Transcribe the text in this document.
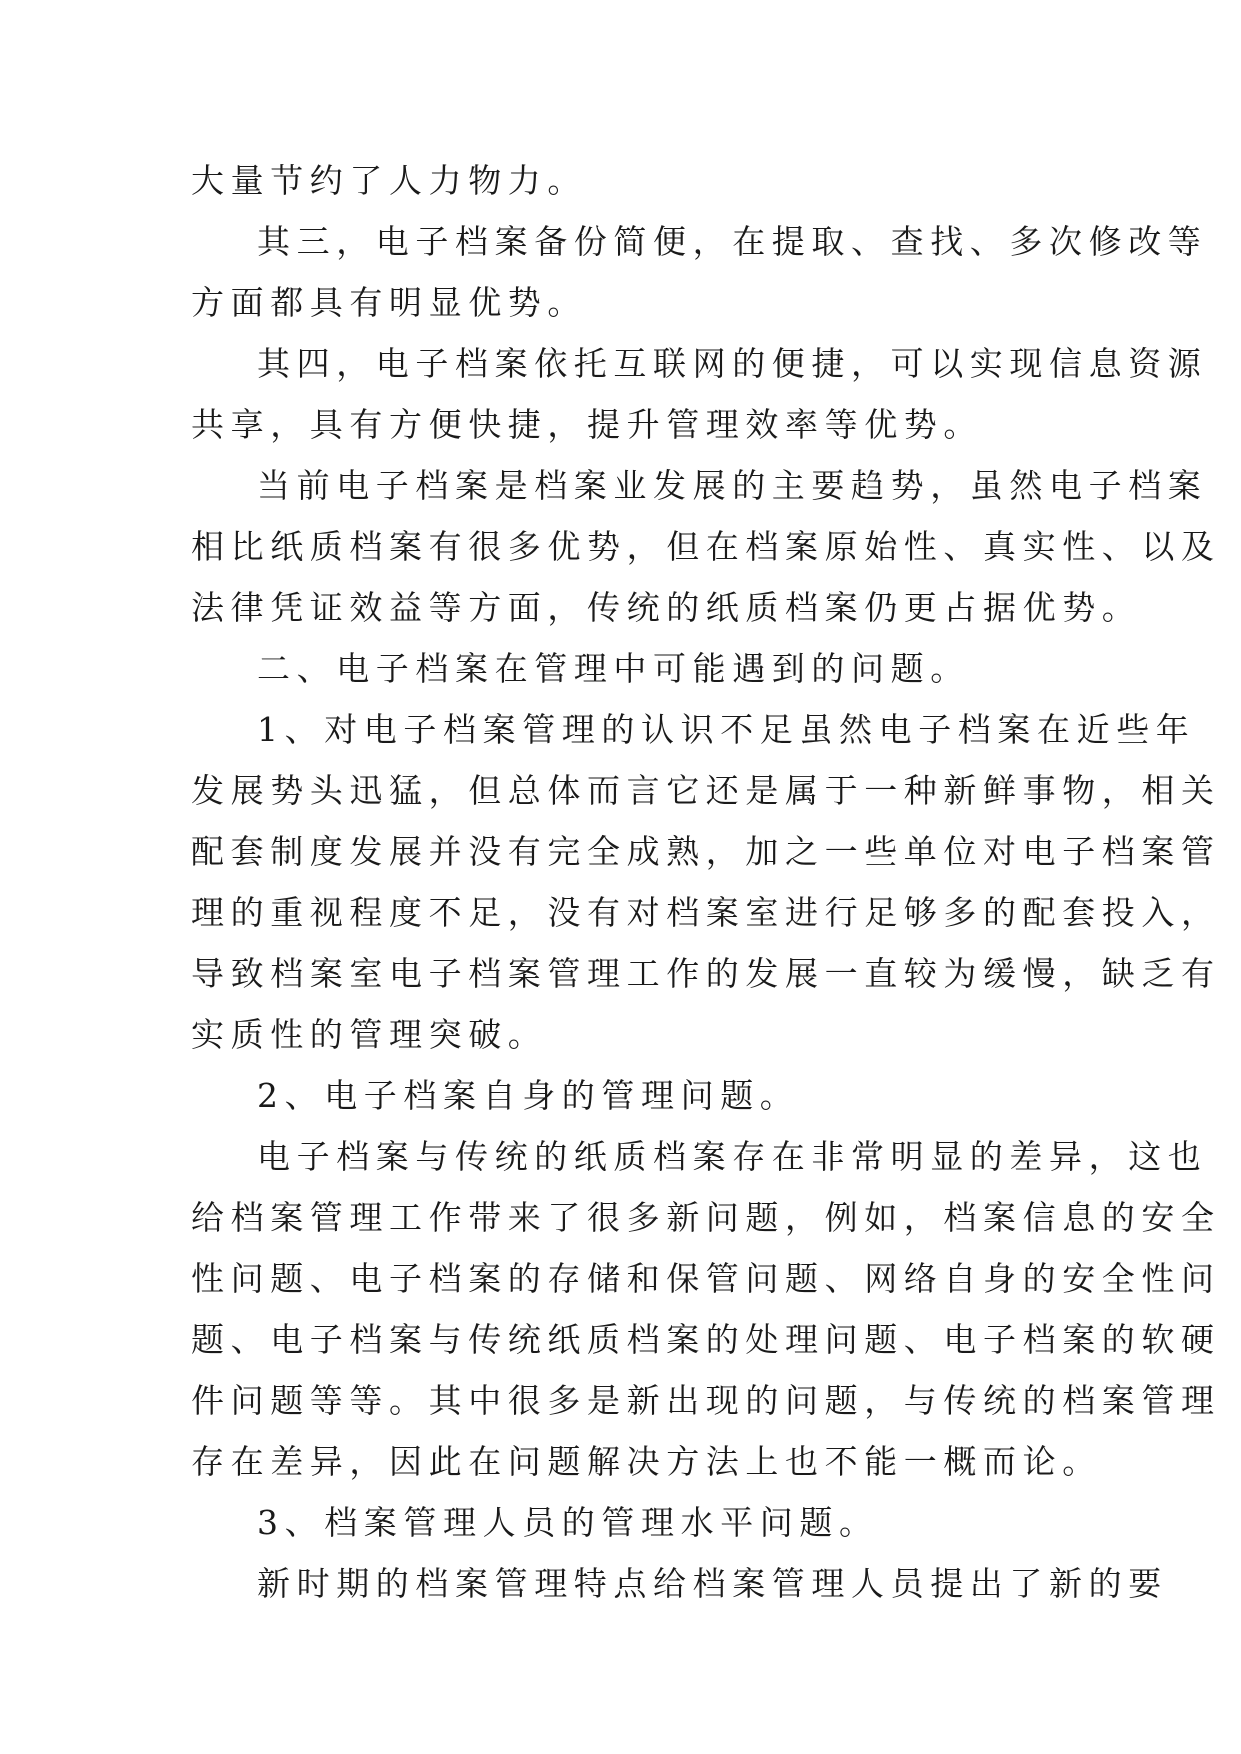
大量节约了人力物力。
其三，电子档案备份简便，在提取、查找、多次修改等
方面都具有明显优势。
其四，电子档案依托互联网的便捷，可以实现信息资源
共享，具有方便快捷，提升管理效率等优势。
当前电子档案是档案业发展的主要趋势，虽然电子档案
相比纸质档案有很多优势，但在档案原始性、真实性、以及
法律凭证效益等方面，传统的纸质档案仍更占据优势。
二、电子档案在管理中可能遇到的问题。
1、对电子档案管理的认识不足虽然电子档案在近些年
发展势头迅猛，但总体而言它还是属于一种新鲜事物，相关
配套制度发展并没有完全成熟，加之一些单位对电子档案管
理的重视程度不足，没有对档案室进行足够多的配套投入，
导致档案室电子档案管理工作的发展一直较为缓慢，缺乏有
实质性的管理突破。
2、电子档案自身的管理问题。
电子档案与传统的纸质档案存在非常明显的差异，这也
给档案管理工作带来了很多新问题，例如，档案信息的安全
性问题、电子档案的存储和保管问题、网络自身的安全性问
题、电子档案与传统纸质档案的处理问题、电子档案的软硬
件问题等等。其中很多是新出现的问题，与传统的档案管理
存在差异，因此在问题解决方法上也不能一概而论。
3、档案管理人员的管理水平问题。
新时期的档案管理特点给档案管理人员提出了新的要
